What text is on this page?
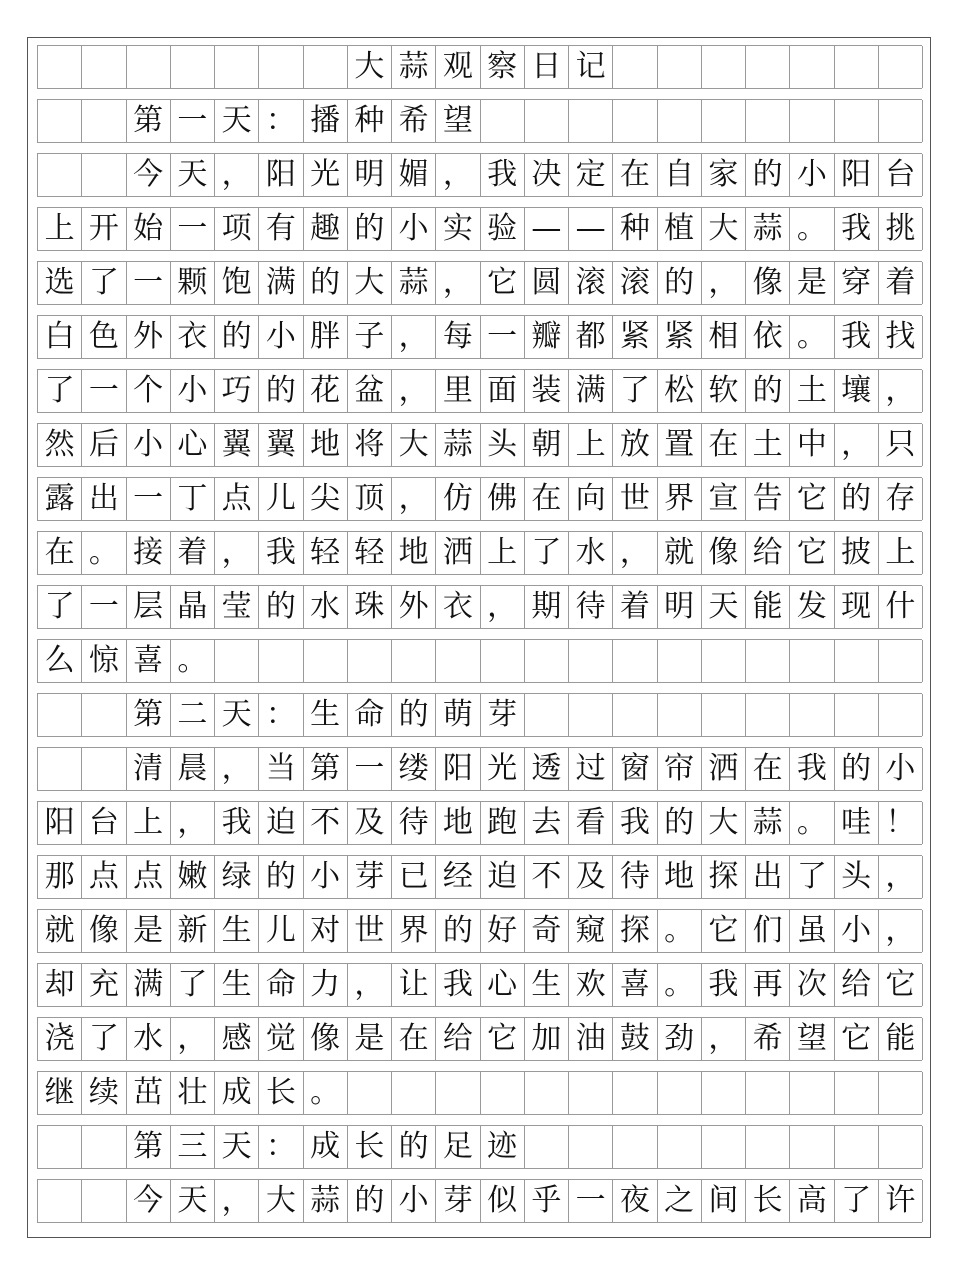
大 蒜 观 察 日 记
第 一 天 ： 播 种 希 望
今 天 ， 阳 光 明 媚 ， 我 决 定 在 自 家 的 小 阳 台
上 开 始 一 项 有 趣 的 小 实 验 — — 种 植 大 蒜 。 我 挑
选 了 一 颗 饱 满 的 大 蒜 ， 它 圆 滚 滚 的 ， 像 是 穿 着
白 色 外 衣 的 小 胖 子 ， 每 一 瓣 都 紧 紧 相 依 。 我 找
了 一 个 小 巧 的 花 盆 ， 里 面 装 满 了 松 软 的 土 壤 ，
然 后 小 心 翼 翼 地 将 大 蒜 头 朝 上 放 置 在 土 中 ， 只
露 出 一 丁 点 儿 尖 顶 ， 仿 佛 在 向 世 界 宣 告 它 的 存
在 。 接 着 ， 我 轻 轻 地 洒 上 了 水 ， 就 像 给 它 披 上
了 一 层 晶 莹 的 水 珠 外 衣 ， 期 待 着 明 天 能 发 现 什
么 惊 喜 。
第 二 天 ： 生 命 的 萌 芽
清 晨 ， 当 第 一 缕 阳 光 透 过 窗 帘 洒 在 我 的 小
阳 台 上 ， 我 迫 不 及 待 地 跑 去 看 我 的 大 蒜 。 哇 ！
那 点 点 嫩 绿 的 小 芽 已 经 迫 不 及 待 地 探 出 了 头 ，
就 像 是 新 生 儿 对 世 界 的 好 奇 窥 探 。 它 们 虽 小 ，
却 充 满 了 生 命 力 ， 让 我 心 生 欢 喜 。 我 再 次 给 它
浇 了 水 ， 感 觉 像 是 在 给 它 加 油 鼓 劲 ， 希 望 它 能
继 续 茁 壮 成 长 。
第 三 天 ： 成 长 的 足 迹
今 天 ， 大 蒜 的 小 芽 似 乎 一 夜 之 间 长 高 了 许
